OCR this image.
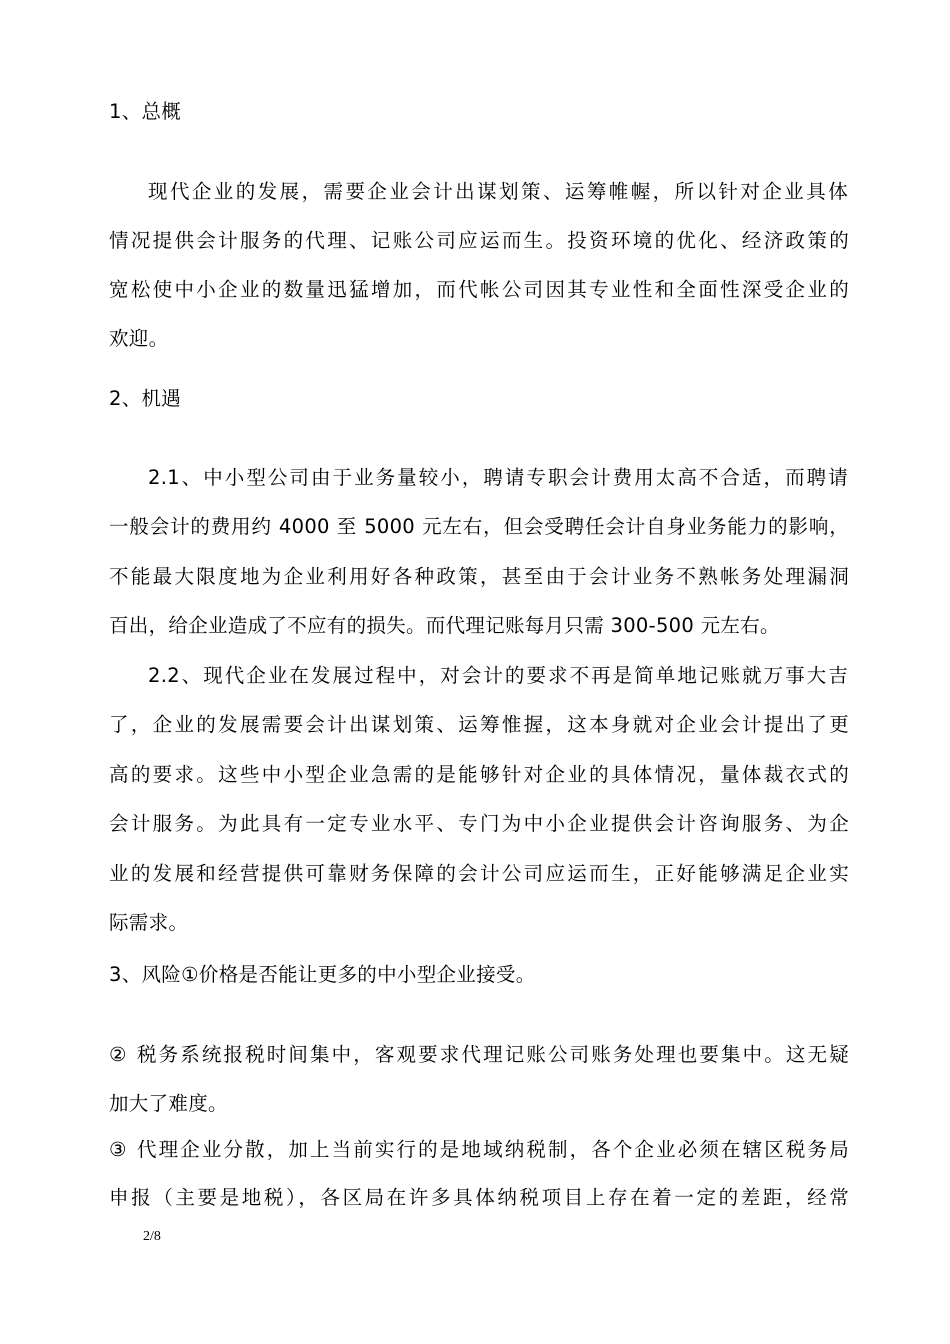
1、总概
现代企业的发展，需要企业会计出谋划策、运筹帷幄，所以针对企业具体
情况提供会计服务的代理、记账公司应运而生。投资环境的优化、经济政策的
宽松使中小企业的数量迅猛增加，而代帐公司因其专业性和全面性深受企业的
欢迎。
2、机遇
2.1、中小型公司由于业务量较小，聘请专职会计费用太高不合适，而聘请
一般会计的费用约 4000 至 5000 元左右，但会受聘任会计自身业务能力的影响，
不能最大限度地为企业利用好各种政策，甚至由于会计业务不熟帐务处理漏洞
百出，给企业造成了不应有的损失。而代理记账每月只需 300-500 元左右。
2.2、现代企业在发展过程中，对会计的要求不再是简单地记账就万事大吉
了，企业的发展需要会计出谋划策、运筹惟握，这本身就对企业会计提出了更
高的要求。这些中小型企业急需的是能够针对企业的具体情况，量体裁衣式的
会计服务。为此具有一定专业水平、专门为中小企业提供会计咨询服务、为企
业的发展和经营提供可靠财务保障的会计公司应运而生，正好能够满足企业实
际需求。
3、风险①价格是否能让更多的中小型企业接受。
② 税务系统报税时间集中，客观要求代理记账公司账务处理也要集中。这无疑
加大了难度。
③ 代理企业分散，加上当前实行的是地域纳税制，各个企业必须在辖区税务局
申报（主要是地税），各区局在许多具体纳税项目上存在着一定的差距，经常
2/8
